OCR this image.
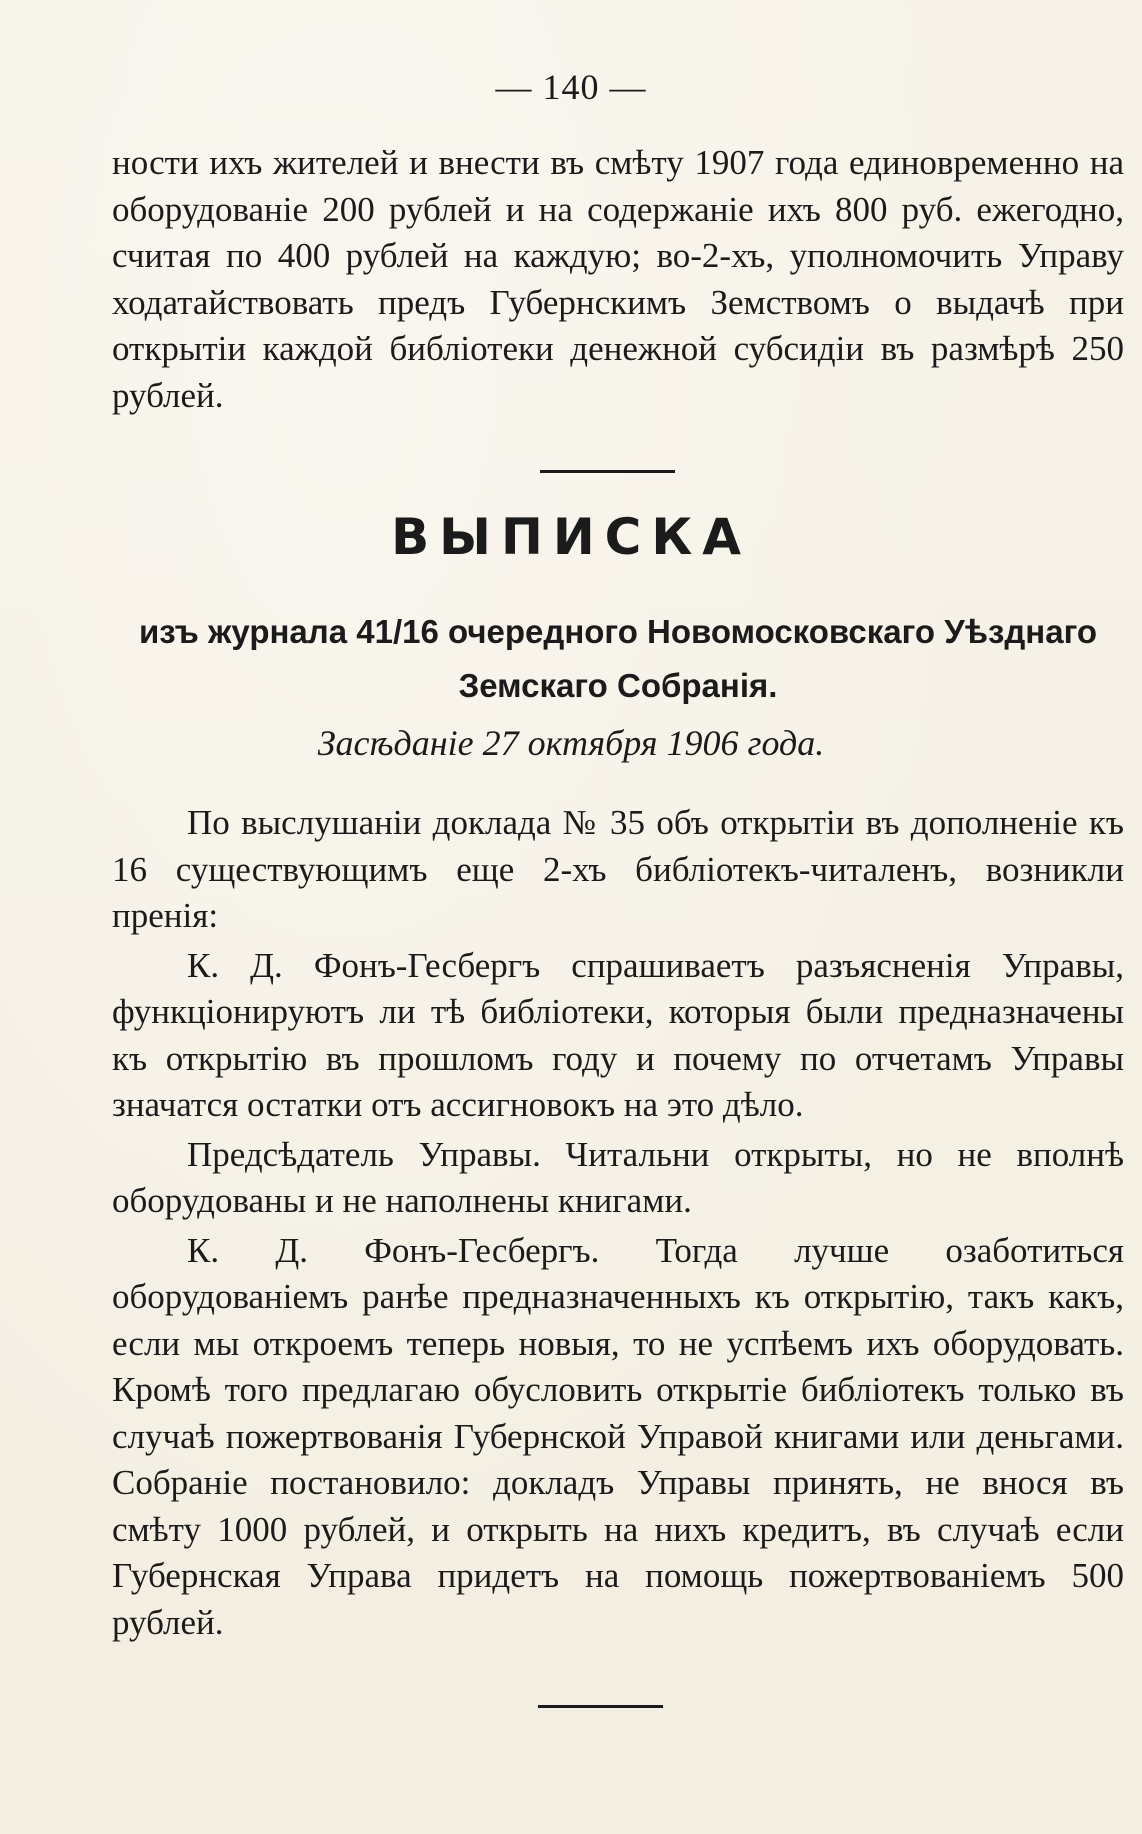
— 140 —
ности ихъ жителей и внести въ смѣту 1907 года единовременно на оборудованіе 200 рублей и на содержаніе ихъ 800 руб. ежегодно, считая по 400 рублей на каждую; во-2-хъ, уполномочить Управу ходатайствовать предъ Губернскимъ Земствомъ о выдачѣ при открытіи каждой библіотеки денежной субсидіи въ размѣрѣ 250 рублей.
ВЫПИСКА
изъ журнала 41/16 очередного Новомосковскаго Уѣзднаго Земскаго Собранія.
Засѣданіе 27 октября 1906 года.

По выслушаніи доклада № 35 объ открытіи въ дополненіе къ 16 существующимъ еще 2-хъ библіотекъ-читаленъ, возникли пренія:

К. Д. Фонъ-Гесбергъ спрашиваетъ разъясненія Управы, функціонируютъ ли тѣ библіотеки, которыя были предназначены къ открытію въ прошломъ году и почему по отчетамъ Управы значатся остатки отъ ассигновокъ на это дѣло.

Предсѣдатель Управы. Читальни открыты, но не вполнѣ оборудованы и не наполнены книгами.

К. Д. Фонъ-Гесбергъ. Тогда лучше озаботиться оборудованіемъ ранѣе предназначенныхъ къ открытію, такъ какъ, если мы откроемъ теперь новыя, то не успѣемъ ихъ оборудовать. Кромѣ того предлагаю обусловить открытіе библіотекъ только въ случаѣ пожертвованія Губернской Управой книгами или деньгами. Собраніе постановило: докладъ Управы принять, не внося въ смѣту 1000 рублей, и открыть на нихъ кредитъ, въ случаѣ если Губернская Управа придетъ на помощь пожертвованіемъ 500 рублей.
